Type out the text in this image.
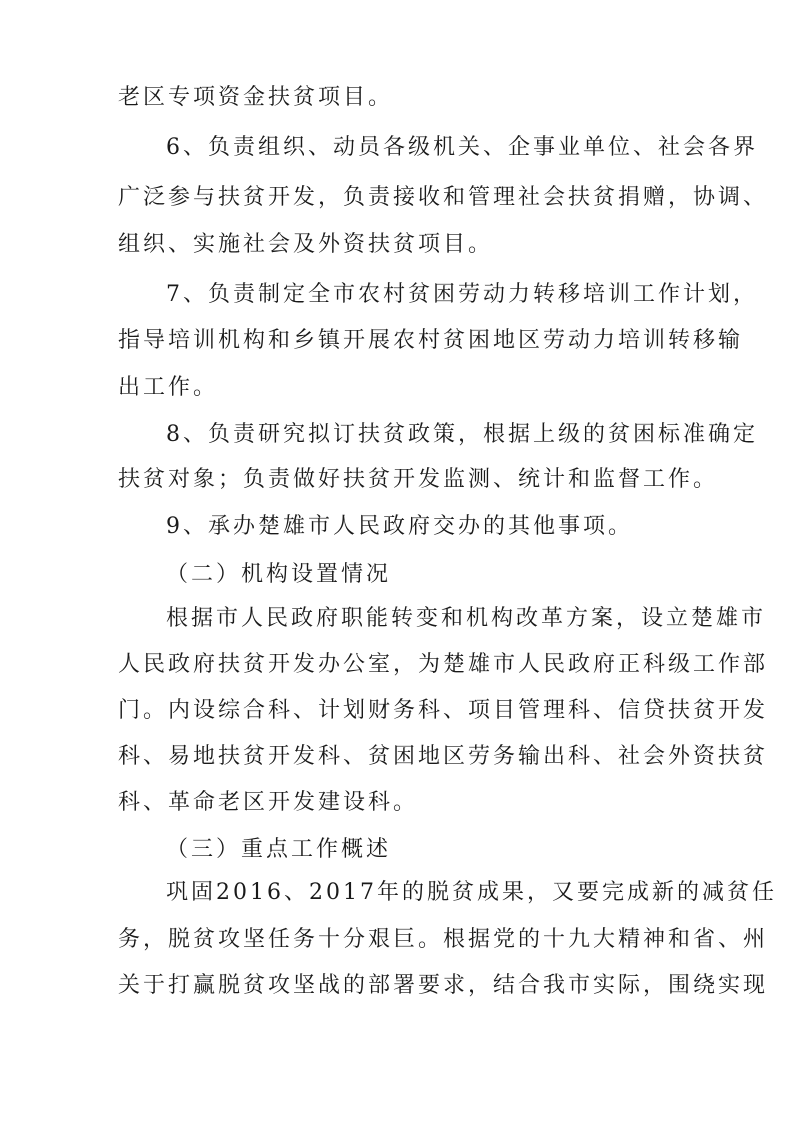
老区专项资金扶贫项目。
6、负责组织、动员各级机关、企事业单位、社会各界
广泛参与扶贫开发，负责接收和管理社会扶贫捐赠，协调、
组织、实施社会及外资扶贫项目。
7、负责制定全市农村贫困劳动力转移培训工作计划，
指导培训机构和乡镇开展农村贫困地区劳动力培训转移输
出工作。
8、负责研究拟订扶贫政策，根据上级的贫困标准确定
扶贫对象；负责做好扶贫开发监测、统计和监督工作。
9、承办楚雄市人民政府交办的其他事项。
（二）机构设置情况
根据市人民政府职能转变和机构改革方案，设立楚雄市
人民政府扶贫开发办公室，为楚雄市人民政府正科级工作部
门。内设综合科、计划财务科、项目管理科、信贷扶贫开发
科、易地扶贫开发科、贫困地区劳务输出科、社会外资扶贫
科、革命老区开发建设科。
（三）重点工作概述
巩固2016、2017年的脱贫成果，又要完成新的减贫任
务，脱贫攻坚任务十分艰巨。根据党的十九大精神和省、州
关于打赢脱贫攻坚战的部署要求，结合我市实际，围绕实现
